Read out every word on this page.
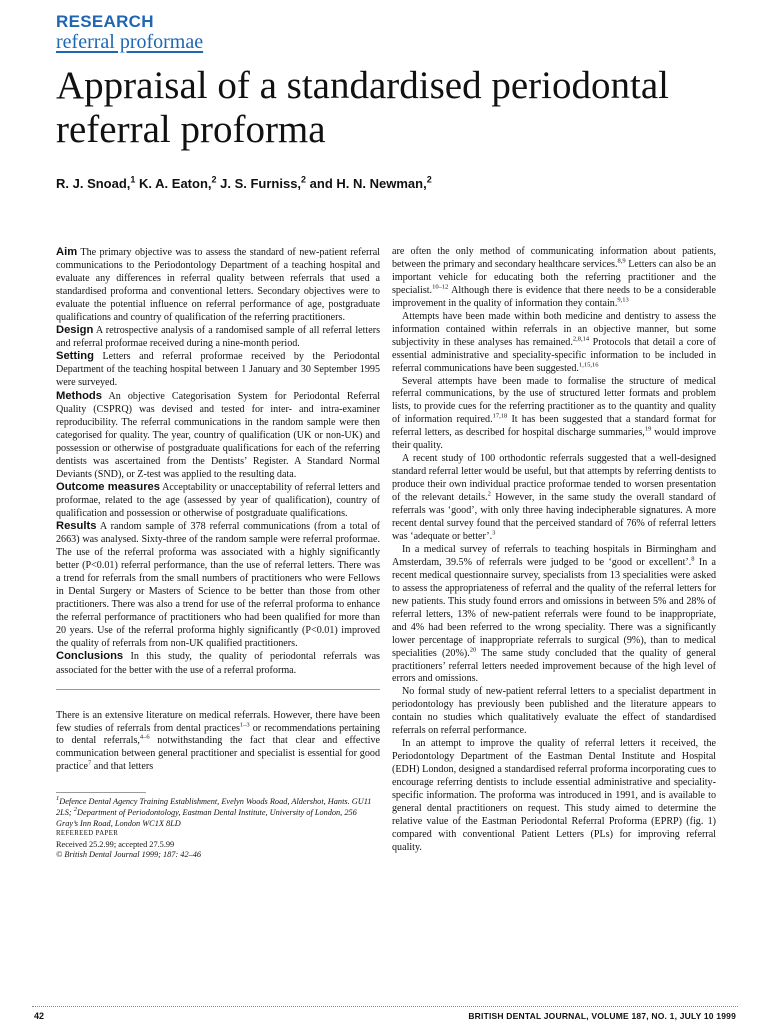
RESEARCH
referral proformae
Appraisal of a standardised periodontal referral proforma
R. J. Snoad,$^1$ K. A. Eaton,$^2$ J. S. Furniss,$^2$ and H. N. Newman,$^2$

Aim The primary objective was to assess the standard of new-patient referral communications to the Periodontology Department of a teaching hospital and evaluate any differences in referral quality between referrals that used a standardised proforma and conventional letters. Secondary objectives were to evaluate the potential influence on referral performance of age, postgraduate qualifications and country of qualification of the referring practitioners.

Design A retrospective analysis of a randomised sample of all referral letters and referral proformae received during a nine-month period.

Setting Letters and referral proformae received by the Periodontal Department of the teaching hospital between 1 January and 30 September 1995 were surveyed.

Methods An objective Categorisation System for Periodontal Referral Quality (CSPRQ) was devised and tested for inter- and intra-examiner reproducibility. The referral communications in the random sample were then categorised for quality. The year, country of qualification (UK or non-UK) and possession or otherwise of postgraduate qualifications for each of the referring dentists was ascertained from the Dentists’ Register. A Standard Normal Deviants (SND), or Z-test was applied to the resulting data.

Outcome measures Acceptability or unacceptability of referral letters and proformae, related to the age (assessed by year of qualification), country of qualification and possession or otherwise of postgraduate qualifications.

Results A random sample of 378 referral communications (from a total of 2663) was analysed. Sixty-three of the random sample were referral proformae. The use of the referral proforma was associated with a highly significantly better (P<0.01) referral performance, than the use of referral letters. There was a trend for referrals from the small numbers of practitioners who were Fellows in Dental Surgery or Masters of Science to be better than those from other practitioners. There was also a trend for use of the referral proforma to enhance the referral performance of practitioners who had been qualified for more than 20 years. Use of the referral proforma highly significantly (P<0.01) improved the quality of referrals from non-UK qualified practitioners.

Conclusions In this study, the quality of periodontal referrals was associated for the better with the use of a referral proforma.

There is an extensive literature on medical referrals. However, there have been few studies of referrals from dental practices$^{1-3}$ or recommendations pertaining to dental referrals,$^{4-6}$ notwithstanding the fact that clear and effective communication between general practitioner and specialist is essential for good practice$^7$ and that letters

$^1$Defence Dental Agency Training Establishment, Evelyn Woods Road, Aldershot, Hants. GU11 2LS; $^2$Department of Periodontology, Eastman Dental Institute, University of London, 256 Gray’s Inn Road, London WC1X 8LD

REFEREED PAPER

Received 25.2.99; accepted 27.5.99

© British Dental Journal 1999; 187: 42–46

are often the only method of communicating information about patients, between the primary and secondary healthcare services.$^{8,9}$ Letters can also be an important vehicle for educating both the referring practitioner and the specialist.$^{10-12}$ Although there is evidence that there needs to be a considerable improvement in the quality of information they contain.$^{9,13}$

Attempts have been made within both medicine and dentistry to assess the information contained within referrals in an objective manner, but some subjectivity in these analyses has remained.$^{2,8,14}$ Protocols that detail a core of essential administrative and speciality-specific information to be included in referral communications have been suggested.$^{1,15,16}$

Several attempts have been made to formalise the structure of medical referral communications, by the use of structured letter formats and problem lists, to provide cues for the referring practitioner as to the quantity and quality of information required.$^{17,18}$ It has been suggested that a standard format for referral letters, as described for hospital discharge summaries,$^{19}$ would improve their quality.

A recent study of 100 orthodontic referrals suggested that a well-designed standard referral letter would be useful, but that attempts by referring dentists to produce their own individual practice proformae tended to worsen presentation of the relevant details.$^2$ However, in the same study the overall standard of referrals was ‘good’, with only three having indecipherable signatures. A more recent dental survey found that the perceived standard of 76% of referral letters was ‘adequate or better’.$^3$

In a medical survey of referrals to teaching hospitals in Birmingham and Amsterdam, 39.5% of referrals were judged to be ‘good or excellent’.$^8$ In a recent medical questionnaire survey, specialists from 13 specialities were asked to assess the appropriateness of referral and the quality of the referral letters for new patients. This study found errors and omissions in between 5% and 28% of referral letters, 13% of new-patient referrals were found to be inappropriate, and 4% had been referred to the wrong speciality. There was a significantly lower percentage of inappropriate referrals to surgical (9%), than to medical specialities (20%).$^{20}$ The same study concluded that the quality of general practitioners’ referral letters needed improvement because of the high level of errors and omissions.

No formal study of new-patient referral letters to a specialist department in periodontology has previously been published and the literature appears to contain no studies which qualitatively evaluate the effect of standardised referrals on referral performance.

In an attempt to improve the quality of referral letters it received, the Periodontology Department of the Eastman Dental Institute and Hospital (EDH) London, designed a standardised referral proforma incorporating cues to encourage referring dentists to include essential administrative and speciality-specific information. The proforma was introduced in 1991, and is available to general dental practitioners on request. This study aimed to determine the relative value of the Eastman Periodontal Referral Proforma (EPRP) (fig. 1) compared with conventional Patient Letters (PLs) for improving referral quality.

42	BRITISH DENTAL JOURNAL, VOLUME 187, NO. 1, JULY 10 1999
